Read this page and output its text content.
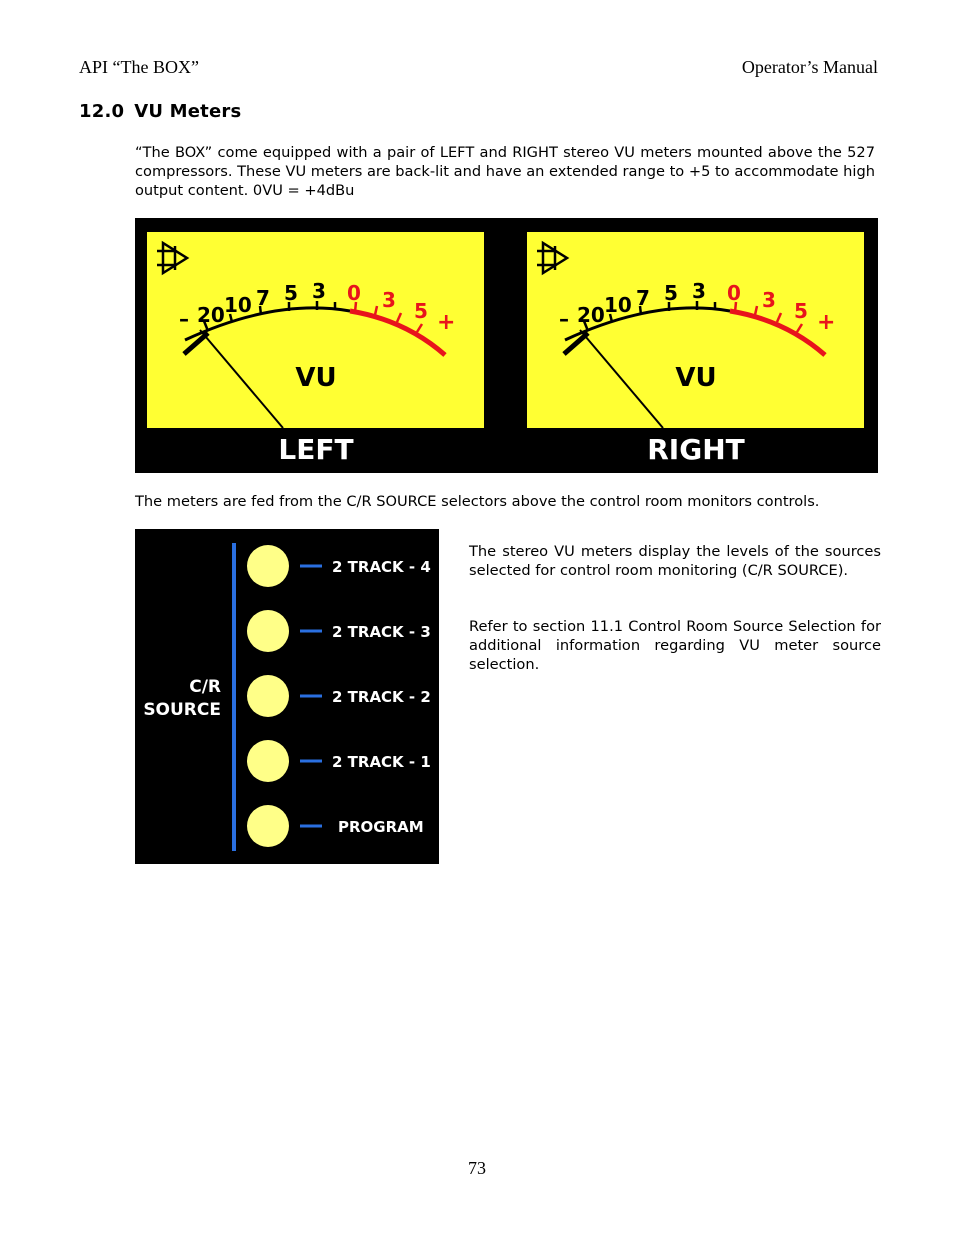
API “The BOX”	Operator’s Manual
12.0 VU Meters
“The BOX” come equipped with a pair of LEFT and RIGHT stereo VU meters mounted above the 527 compressors. These VU meters are back-lit and have an extended range to +5 to accommodate high output content. 0VU = +4dBu
– 20 10 7 5 3 0 3 5 +
VU
LEFT
– 20 10 7 5 3 0 3 5 +
VU
RIGHT
The meters are fed from the C/R SOURCE selectors above the control room monitors controls.
C/R
SOURCE
2 TRACK - 4
2 TRACK - 3
2 TRACK - 2
2 TRACK - 1
PROGRAM
The stereo VU meters display the levels of the sources selected for control room monitoring (C/R SOURCE).
Refer to section 11.1 Control Room Source Selection for additional information regarding VU meter source selection.
73
